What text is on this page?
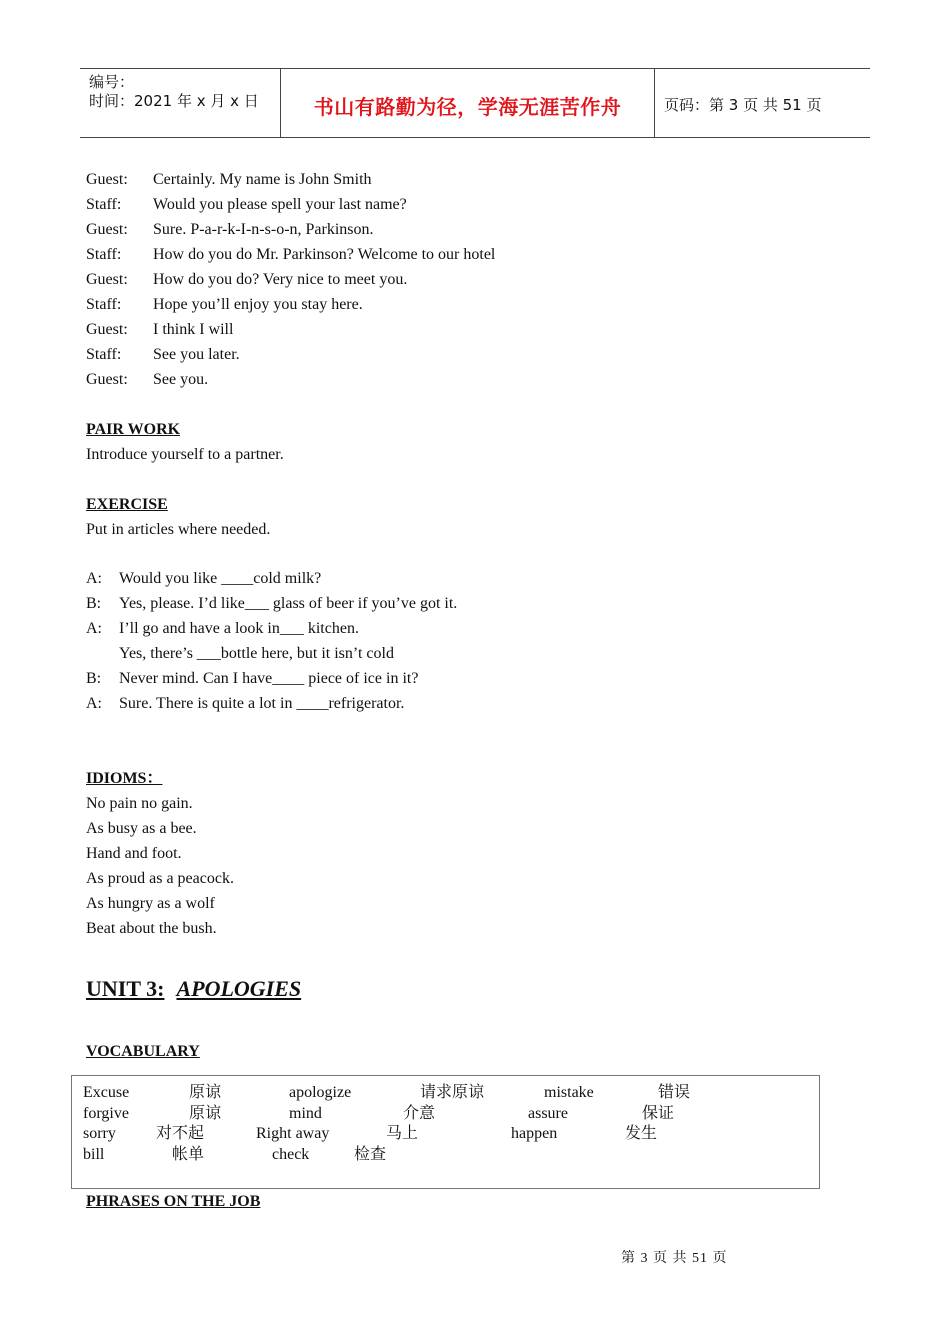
编号：
时间：2021 年 x 月 x 日	书山有路勤为径，学海无涯苦作舟	页码：第 3 页 共 51 页
Guest: Certainly. My name is John Smith
Staff: Would you please spell your last name?
Guest: Sure. P-a-r-k-I-n-s-o-n, Parkinson.
Staff: How do you do Mr. Parkinson? Welcome to our hotel
Guest: How do you do? Very nice to meet you.
Staff: Hope you’ll enjoy you stay here.
Guest: I think I will
Staff: See you later.
Guest: See you.
PAIR WORK
Introduce yourself to a partner.
EXERCISE
Put in articles where needed.
A: Would you like ____cold milk?
B: Yes, please. I’d like___ glass of beer if you’ve got it.
A: I’ll go and have a look in___ kitchen.
Yes, there’s ___bottle here, but it isn’t cold
B: Never mind. Can I have____ piece of ice in it?
A: Sure. There is quite a lot in ____refrigerator.
IDIOMS：
No pain no gain.
As busy as a bee.
Hand and foot.
As proud as a peacock.
As hungry as a wolf
Beat about the bush.
UNIT 3: APOLOGIES
VOCABULARY
Excuse	原谅	apologize	请求原谅	mistake	错误
forgive	原谅	mind	介意	assure	保证
sorry	对不起	Right away	马上	happen	发生
bill	帐单	check	检查
PHRASES ON THE JOB
第 3 页 共 51 页
